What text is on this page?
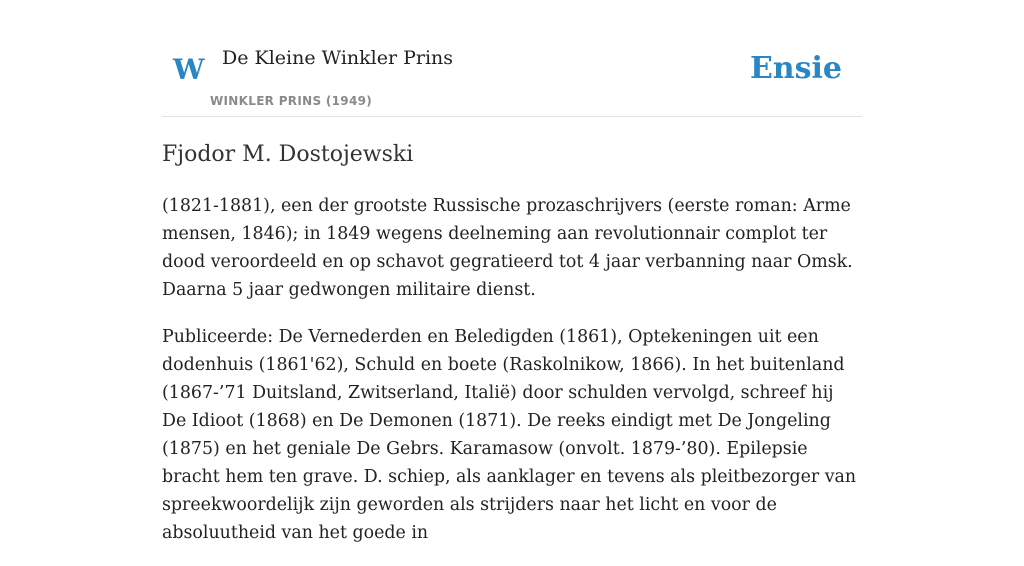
W De Kleine Winkler Prins
WINKLER PRINS (1949)
Ensie
Fjodor M. Dostojewski

(1821-1881), een der grootste Russische prozaschrijvers (eerste roman: Arme mensen, 1846); in 1849 wegens deelneming aan revolutionnair complot ter dood veroordeeld en op schavot gegratieerd tot 4 jaar verbanning naar Omsk. Daarna 5 jaar gedwongen militaire dienst.

Publiceerde: De Vernederden en Beledigden (1861), Optekeningen uit een dodenhuis (1861'62), Schuld en boete (Raskolnikow, 1866). In het buitenland (1867-’71 Duitsland, Zwitserland, Italië) door schulden vervolgd, schreef hij De Idioot (1868) en De Demonen (1871). De reeks eindigt met De Jongeling (1875) en het geniale De Gebrs. Karamasow (onvolt. 1879-’80). Epilepsie bracht hem ten grave. D. schiep, als aanklager en tevens als pleitbezorger van spreekwoordelijk zijn geworden als strijders naar het licht en voor de absoluutheid van het goede in
